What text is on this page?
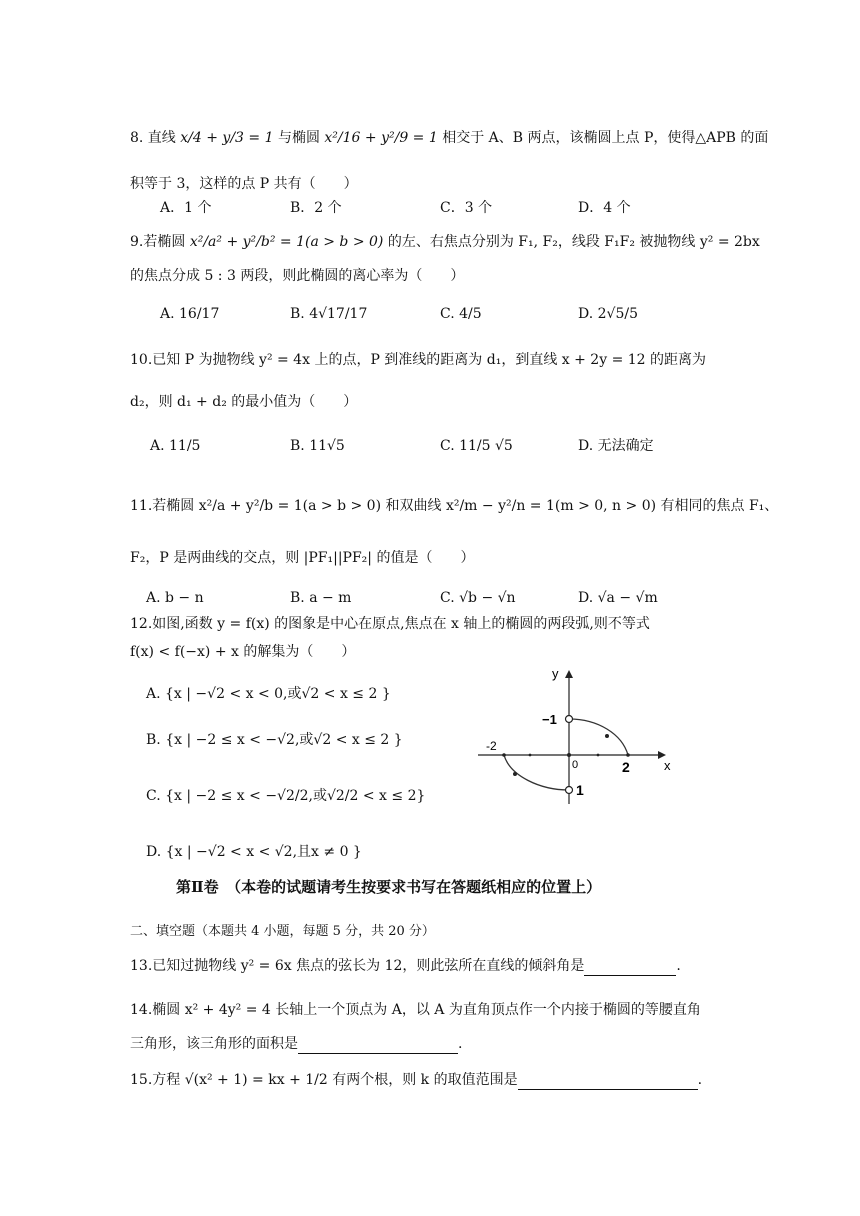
8. 直线 x/4 + y/3 = 1 与椭圆 x²/16 + y²/9 = 1 相交于 A、B 两点，该椭圆上点 P，使得△APB 的面
积等于 3，这样的点 P 共有（　　）
A．1 个	B．2 个	C．3 个	D．4 个
9.若椭圆 x²/a² + y²/b² = 1(a > b > 0) 的左、右焦点分别为 F₁, F₂，线段 F₁F₂ 被抛物线 y² = 2bx
的焦点分成 5 : 3 两段，则此椭圆的离心率为（　　）
A. 16/17	B. 4√17/17	C. 4/5	D. 2√5/5
10.已知 P 为抛物线 y² = 4x 上的点，P 到准线的距离为 d₁，到直线 x + 2y = 12 的距离为
d₂，则 d₁ + d₂ 的最小值为（　　）
A. 11/5	B. 11√5	C. 11/5 √5	D. 无法确定
11.若椭圆 x²/a + y²/b = 1(a > b > 0) 和双曲线 x²/m − y²/n = 1(m > 0, n > 0) 有相同的焦点 F₁、
F₂，P 是两曲线的交点，则 |PF₁||PF₂| 的值是（　　）
A. b − n	B. a − m	C. √b − √n	D. √a − √m
12.如图,函数 y = f(x) 的图象是中心在原点,焦点在 x 轴上的椭圆的两段弧,则不等式
f(x) < f(−x) + x 的解集为（　　）
A. {x | −√2 < x < 0,或√2 < x ≤ 2 }
B. {x | −2 ≤ x < −√2,或√2 < x ≤ 2 }
C. {x | −2 ≤ x < −√2/2,或√2/2 < x ≤ 2}
D. {x | −√2 < x < √2,且x ≠ 0 }
y
x
−1
-2
0	2
1
第Ⅱ卷　（本卷的试题请考生按要求书写在答题纸相应的位置上）
二、填空题（本题共 4 小题，每题 5 分，共 20 分）
13.已知过抛物线 y² = 6x 焦点的弦长为 12，则此弦所在直线的倾斜角是	.
14.椭圆 x² + 4y² = 4 长轴上一个顶点为 A，以 A 为直角顶点作一个内接于椭圆的等腰直角
三角形，该三角形的面积是	.
15.方程 √(x² + 1) = kx + 1/2 有两个根，则 k 的取值范围是	.
